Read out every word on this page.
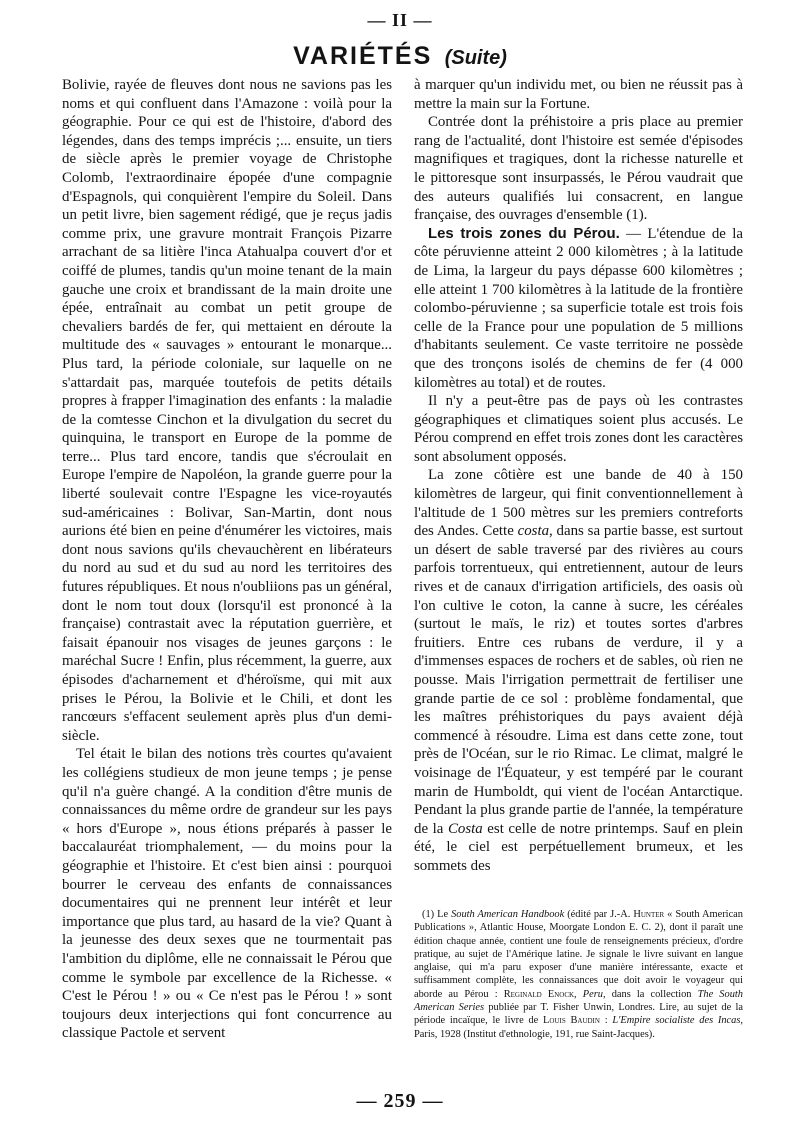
— II —
VARIÉTÉS (Suite)

Bolivie, rayée de fleuves dont nous ne savions pas les noms et qui confluent dans l'Amazone : voilà pour la géographie. Pour ce qui est de l'histoire, d'abord des légendes, dans des temps imprécis ;... ensuite, un tiers de siècle après le premier voyage de Christophe Colomb, l'extraordinaire épopée d'une compagnie d'Espagnols, qui conquièrent l'empire du Soleil. Dans un petit livre, bien sagement rédigé, que je reçus jadis comme prix, une gravure montrait François Pizarre arrachant de sa litière l'inca Atahualpa couvert d'or et coiffé de plumes, tandis qu'un moine tenant de la main gauche une croix et brandissant de la main droite une épée, entraînait au combat un petit groupe de chevaliers bardés de fer, qui mettaient en déroute la multitude des « sauvages » entourant le monarque... Plus tard, la période coloniale, sur laquelle on ne s'attardait pas, marquée toutefois de petits détails propres à frapper l'imagination des enfants : la maladie de la comtesse Cinchon et la divulgation du secret du quinquina, le transport en Europe de la pomme de terre... Plus tard encore, tandis que s'écroulait en Europe l'empire de Napoléon, la grande guerre pour la liberté soulevait contre l'Espagne les vice-royautés sud-américaines : Bolivar, San-Martin, dont nous aurions été bien en peine d'énumérer les victoires, mais dont nous savions qu'ils chevauchèrent en libérateurs du nord au sud et du sud au nord les territoires des futures républiques. Et nous n'oubliions pas un général, dont le nom tout doux (lorsqu'il est prononcé à la française) contrastait avec la réputation guerrière, et faisait épanouir nos visages de jeunes garçons : le maréchal Sucre ! Enfin, plus récemment, la guerre, aux épisodes d'acharnement et d'héroïsme, qui mit aux prises le Pérou, la Bolivie et le Chili, et dont les rancœurs s'effacent seulement après plus d'un demi-siècle.

Tel était le bilan des notions très courtes qu'avaient les collégiens studieux de mon jeune temps ; je pense qu'il n'a guère changé. A la condition d'être munis de connaissances du même ordre de grandeur sur les pays « hors d'Europe », nous étions préparés à passer le baccalauréat triomphalement, — du moins pour la géographie et l'histoire. Et c'est bien ainsi : pourquoi bourrer le cerveau des enfants de connaissances documentaires qui ne prennent leur intérêt et leur importance que plus tard, au hasard de la vie? Quant à la jeunesse des deux sexes que ne tourmentait pas l'ambition du diplôme, elle ne connaissait le Pérou que comme le symbole par excellence de la Richesse. « C'est le Pérou ! » ou « Ce n'est pas le Pérou ! » sont toujours deux interjections qui font concurrence au classique Pactole et servent

à marquer qu'un individu met, ou bien ne réussit pas à mettre la main sur la Fortune.

Contrée dont la préhistoire a pris place au premier rang de l'actualité, dont l'histoire est semée d'épisodes magnifiques et tragiques, dont la richesse naturelle et le pittoresque sont insurpassés, le Pérou vaudrait que des auteurs qualifiés lui consacrent, en langue française, des ouvrages d'ensemble (1).

Les trois zones du Pérou. — L'étendue de la côte péruvienne atteint 2 000 kilomètres ; à la latitude de Lima, la largeur du pays dépasse 600 kilomètres ; elle atteint 1 700 kilomètres à la latitude de la frontière colombo-péruvienne ; sa superficie totale est trois fois celle de la France pour une population de 5 millions d'habitants seulement. Ce vaste territoire ne possède que des tronçons isolés de chemins de fer (4 000 kilomètres au total) et de routes.

Il n'y a peut-être pas de pays où les contrastes géographiques et climatiques soient plus accusés. Le Pérou comprend en effet trois zones dont les caractères sont absolument opposés.

La zone côtière est une bande de 40 à 150 kilomètres de largeur, qui finit conventionnellement à l'altitude de 1 500 mètres sur les premiers contreforts des Andes. Cette costa, dans sa partie basse, est surtout un désert de sable traversé par des rivières au cours parfois torrentueux, qui entretiennent, autour de leurs rives et de canaux d'irrigation artificiels, des oasis où l'on cultive le coton, la canne à sucre, les céréales (surtout le maïs, le riz) et toutes sortes d'arbres fruitiers. Entre ces rubans de verdure, il y a d'immenses espaces de rochers et de sables, où rien ne pousse. Mais l'irrigation permettrait de fertiliser une grande partie de ce sol : problème fondamental, que les maîtres préhistoriques du pays avaient déjà commencé à résoudre. Lima est dans cette zone, tout près de l'Océan, sur le rio Rimac. Le climat, malgré le voisinage de l'Équateur, y est tempéré par le courant marin de Humboldt, qui vient de l'océan Antarctique. Pendant la plus grande partie de l'année, la température de la Costa est celle de notre printemps. Sauf en plein été, le ciel est perpétuellement brumeux, et les sommets des

(1) Le South American Handbook (édité par J.-A. Hunter « South American Publications », Atlantic House, Moorgate London E. C. 2), dont il paraît une édition chaque année, contient une foule de renseignements précieux, d'ordre pratique, au sujet de l'Amérique latine. Je signale le livre suivant en langue anglaise, qui m'a paru exposer d'une manière intéressante, exacte et suffisamment complète, les connaissances que doit avoir le voyageur qui aborde au Pérou : Reginald Enock, Peru, dans la collection The South American Series publiée par T. Fisher Unwin, Londres. Lire, au sujet de la période incaïque, le livre de Louis Baudin : L'Empire socialiste des Incas, Paris, 1928 (Institut d'ethnologie, 191, rue Saint-Jacques).

— 259 —
